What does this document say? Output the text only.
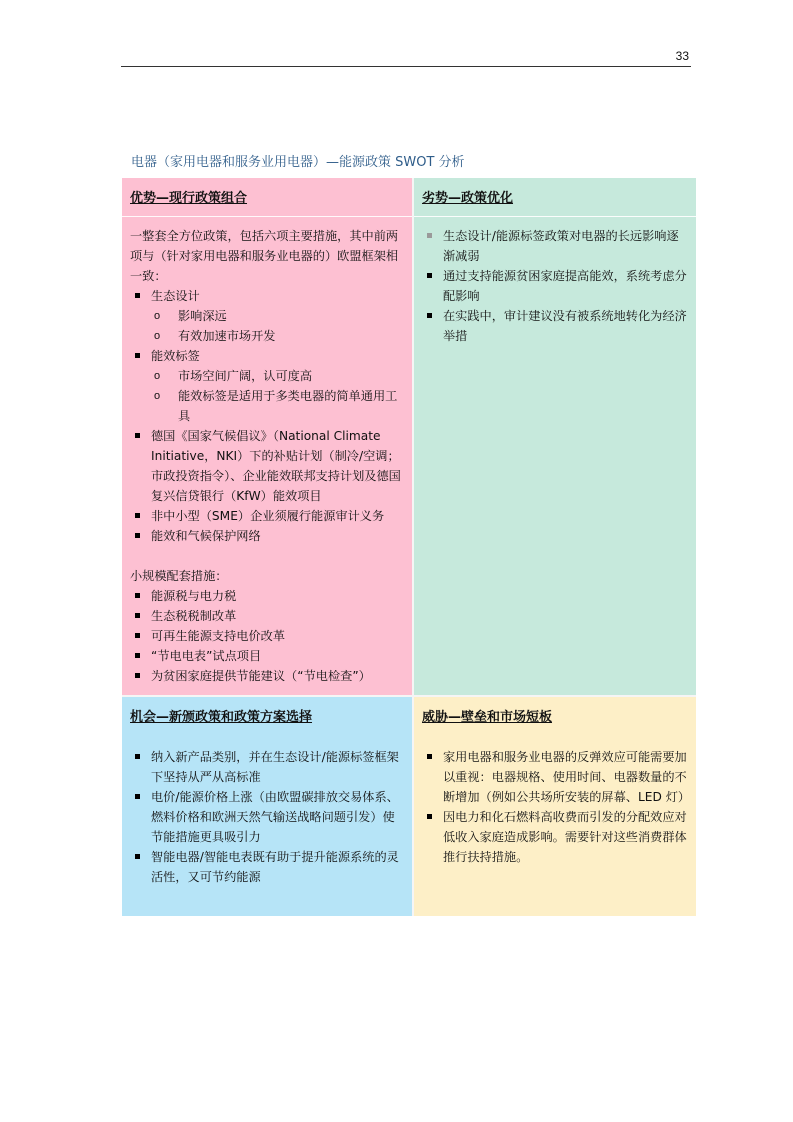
33
电器（家用电器和服务业用电器）—能源政策 SWOT 分析
优势—现行政策组合

一整套全方位政策，包括六项主要措施，其中前两项与（针对家用电器和服务业电器的）欧盟框架相一致：

生态设计
o 影响深远
o 有效加速市场开发
能效标签
o 市场空间广阔，认可度高
o 能效标签是适用于多类电器的简单通用工具
德国《国家气候倡议》（National Climate Initiative，NKI）下的补贴计划（制冷/空调；市政投资指令）、企业能效联邦支持计划及德国复兴信贷银行（KfW）能效项目
非中小型（SME）企业须履行能源审计义务
能效和气候保护网络

小规模配套措施：

能源税与电力税
生态税税制改革
可再生能源支持电价改革
“节电电表”试点项目
为贫困家庭提供节能建议（“节电检查”）
劣势—政策优化
生态设计/能源标签政策对电器的长远影响逐渐减弱
通过支持能源贫困家庭提高能效，系统考虑分配影响
在实践中，审计建议没有被系统地转化为经济举措
机会—新颁政策和政策方案选择
纳入新产品类别，并在生态设计/能源标签框架下坚持从严从高标准
电价/能源价格上涨（由欧盟碳排放交易体系、燃料价格和欧洲天然气输送战略问题引发）使节能措施更具吸引力
智能电器/智能电表既有助于提升能源系统的灵活性，又可节约能源
威胁—壁垒和市场短板
家用电器和服务业电器的反弹效应可能需要加以重视：电器规格、使用时间、电器数量的不断增加（例如公共场所安装的屏幕、LED 灯）
因电力和化石燃料高收费而引发的分配效应对低收入家庭造成影响。需要针对这些消费群体推行扶持措施。
